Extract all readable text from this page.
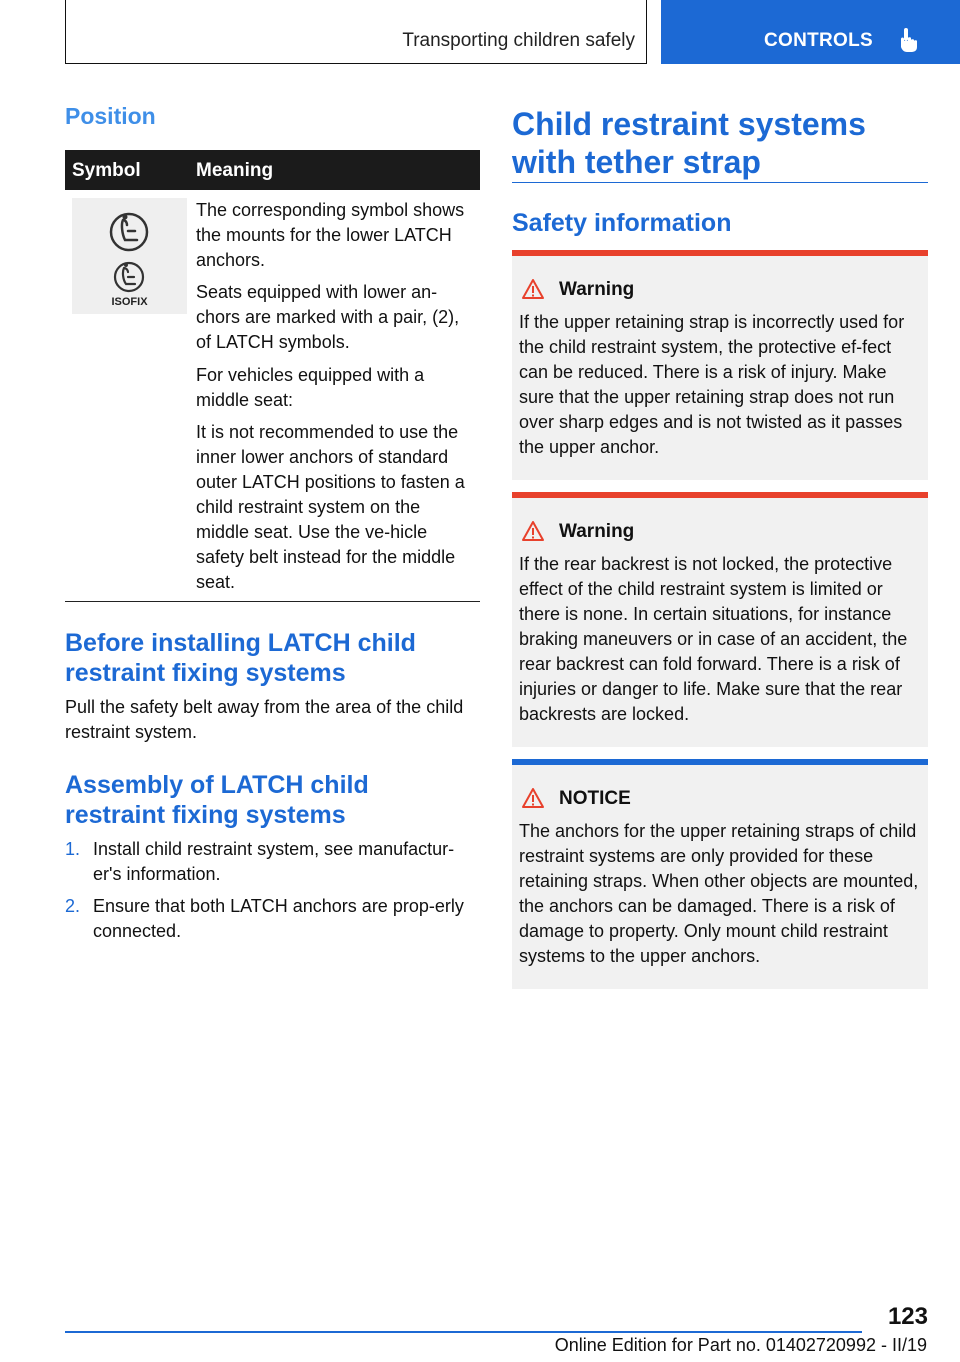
Transporting children safely	CONTROLS
Position
Symbol	Meaning
ISOFIX

The corresponding symbol shows the mounts for the lower LATCH anchors.

Seats equipped with lower an-chors are marked with a pair, (2), of LATCH symbols.

For vehicles equipped with a middle seat:

It is not recommended to use the inner lower anchors of standard outer LATCH positions to fasten a child restraint system on the middle seat. Use the ve-hicle safety belt instead for the middle seat.

Before installing LATCH child restraint fixing systems

Pull the safety belt away from the area of the child restraint system.

Assembly of LATCH child restraint fixing systems
1. Install child restraint system, see manufactur-er's information.

2. Ensure that both LATCH anchors are prop-erly connected.

Child restraint systems with tether strap
Safety information
Warning

If the upper retaining strap is incorrectly used for the child restraint system, the protective ef-fect can be reduced. There is a risk of injury. Make sure that the upper retaining strap does not run over sharp edges and is not twisted as it passes the upper anchor.

Warning

If the rear backrest is not locked, the protective effect of the child restraint system is limited or there is none. In certain situations, for instance braking maneuvers or in case of an accident, the rear backrest can fold forward. There is a risk of injuries or danger to life. Make sure that the rear backrests are locked.

NOTICE

The anchors for the upper retaining straps of child restraint systems are only provided for these retaining straps. When other objects are mounted, the anchors can be damaged. There is a risk of damage to property. Only mount child restraint systems to the upper anchors.

123
Online Edition for Part no. 01402720992 - II/19
